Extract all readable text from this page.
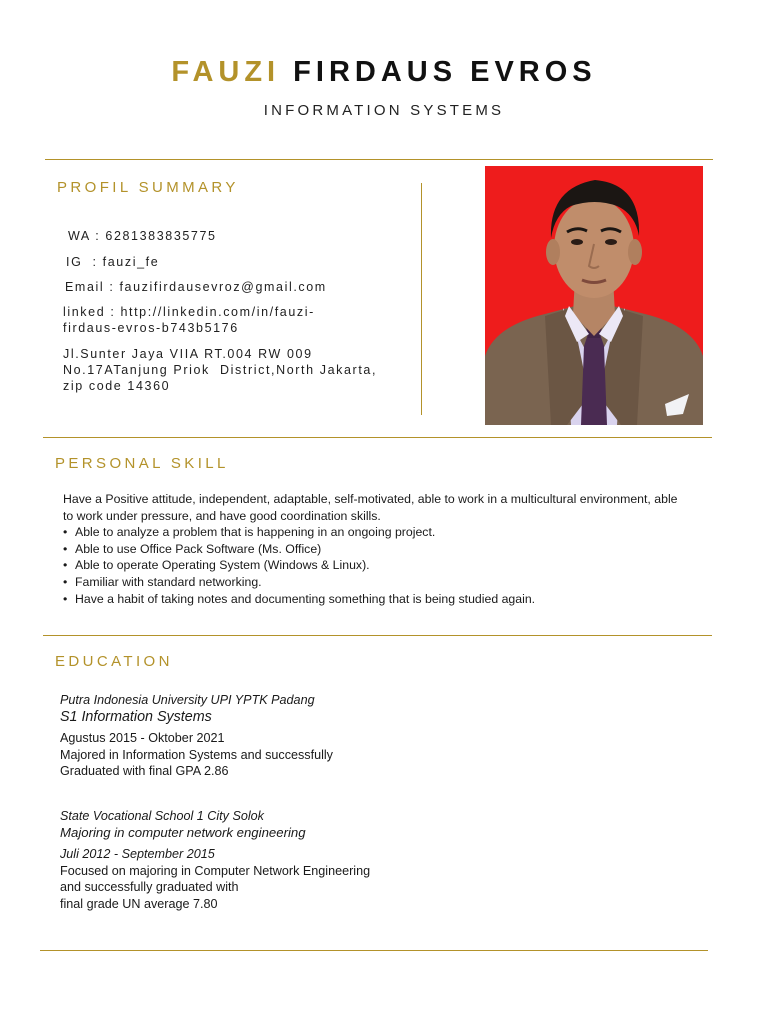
FAUZI FIRDAUS EVROS
INFORMATION SYSTEMS
PROFIL SUMMARY
WA : 6281383835775
IG  : fauzi_fe
Email : fauzifirdausevroz@gmail.com
linked : http://linkedin.com/in/fauzi-
firdaus-evros-b743b5176
Jl.Sunter Jaya VIIA RT.004 RW 009
No.17ATanjung Priok  District,North Jakarta,
zip code 14360
PERSONAL SKILL
Have a Positive attitude, independent, adaptable, self-motivated, able to work in a multicultural environment, able to work under pressure, and have good coordination skills.
• Able to analyze a problem that is happening in an ongoing project.
• Able to use Office Pack Software (Ms. Office)
• Able to operate Operating System (Windows & Linux).
• Familiar with standard networking.
• Have a habit of taking notes and documenting something that is being studied again.
EDUCATION
Putra Indonesia University UPI YPTK Padang
S1 Information Systems
Agustus 2015 - Oktober 2021
Majored in Information Systems and successfully
Graduated with final GPA 2.86
State Vocational School 1 City Solok
Majoring in computer network engineering
Juli 2012 - September 2015
Focused on majoring in Computer Network Engineering
and successfully graduated with
final grade UN average 7.80
